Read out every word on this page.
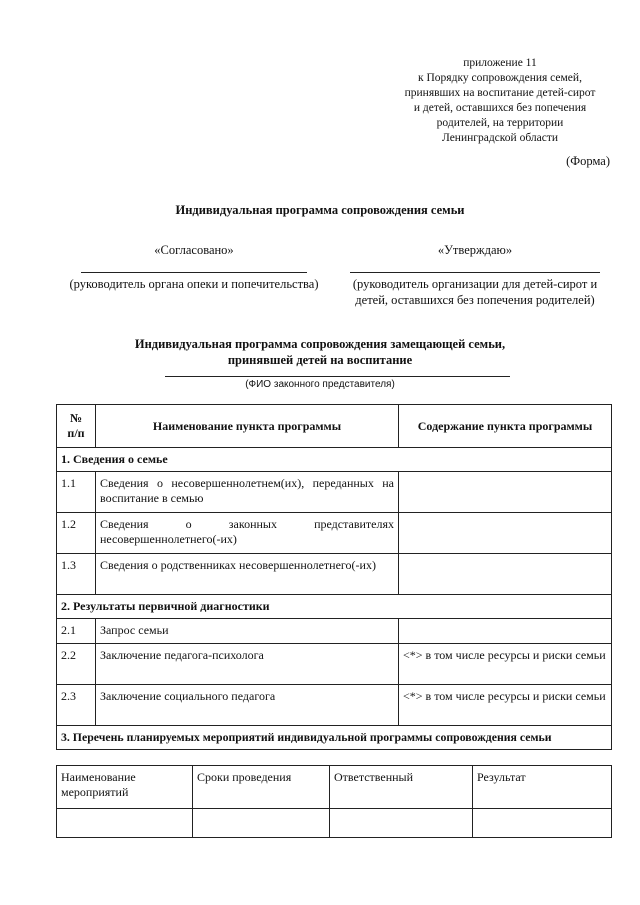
приложение 11
к Порядку сопровождения семей,
принявших на воспитание детей-сирот
и детей, оставшихся без попечения
родителей, на территории
Ленинградской области
(Форма)
Индивидуальная программа сопровождения семьи
«Согласовано»
(руководитель органа опеки и попечительства)
«Утверждаю»
(руководитель организации для детей-сирот и
детей, оставшихся без попечения родителей)
Индивидуальная программа сопровождения замещающей семьи,
принявшей детей на воспитание
(ФИО законного представителя)
№
п/п	Наименование пункта программы	Содержание пункта программы
1. Сведения о семье		
1.1	Сведения о несовершеннолетнем(их), переданных на воспитание в семью	
1.2	Сведения о законных представителях несовершеннолетнего(-их)	
1.3	Сведения о родственниках несовершеннолетнего(-их)	
2. Результаты первичной диагностики		
2.1	Запрос семьи	
2.2	Заключение педагога-психолога	<*> в том числе ресурсы и риски семьи
2.3	Заключение социального педагога	<*> в том числе ресурсы и риски семьи
3. Перечень планируемых мероприятий индивидуальной программы сопровождения семьи		
Наименование мероприятий	Сроки проведения	Ответственный	Результат
